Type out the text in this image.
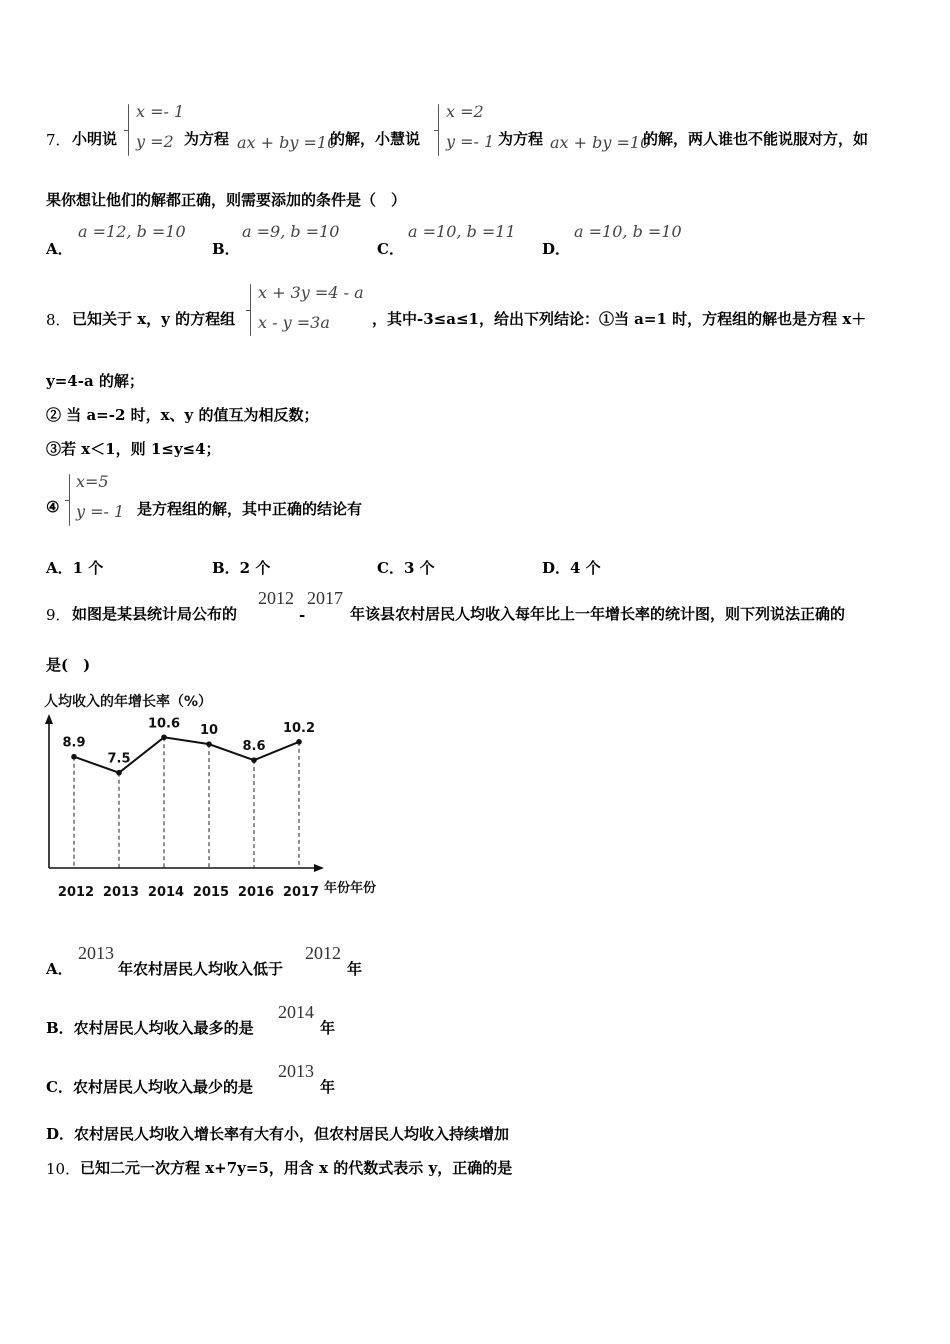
7． 小明说
x =- 1
y =2 为方程 ax + by =10
的解，小慧说
x =2
y =- 1 为方程 ax + by =10
的解，两人谁也不能说服对方，如
果你想让他们的解都正确，则需要添加的条件是（　）
A．
a =12, b =10
B．
a =9, b =10
C．
a =10, b =11
D．
a =10, b =10
8． 已知关于 x，y 的方程组
x + 3y =4 - a
x - y =3a	，其中-3≤a≤1，给出下列结论：①当 a=1 时，方程组的解也是方程 x＋
y=4-a 的解；
② 当 a=-2 时，x、y 的值互为相反数；
③若 x＜1，则 1≤y≤4；
④
x=5
y =- 1 是方程组的解，其中正确的结论有
A．1 个	B．2 个	C．3 个	D．4 个
9． 如图是某县统计局公布的
2012
-
2017
年该县农村居民人均收入每年比上一年增长率的统计图，则下列说法正确的
是(　)
人均收入的年增长率（%）
8.9
2012
7.5
2013
10.6
2014
10
2015
8.6
2016
10.2
2017 年份年份
A．
2013
年农村居民人均收入低于
2012
年
B．农村居民人均收入最多的是
2014
年
C．农村居民人均收入最少的是
2013
年
D．农村居民人均收入增长率有大有小，但农村居民人均收入持续增加
10． 已知二元一次方程 x+7y=5，用含 x 的代数式表示 y，正确的是
